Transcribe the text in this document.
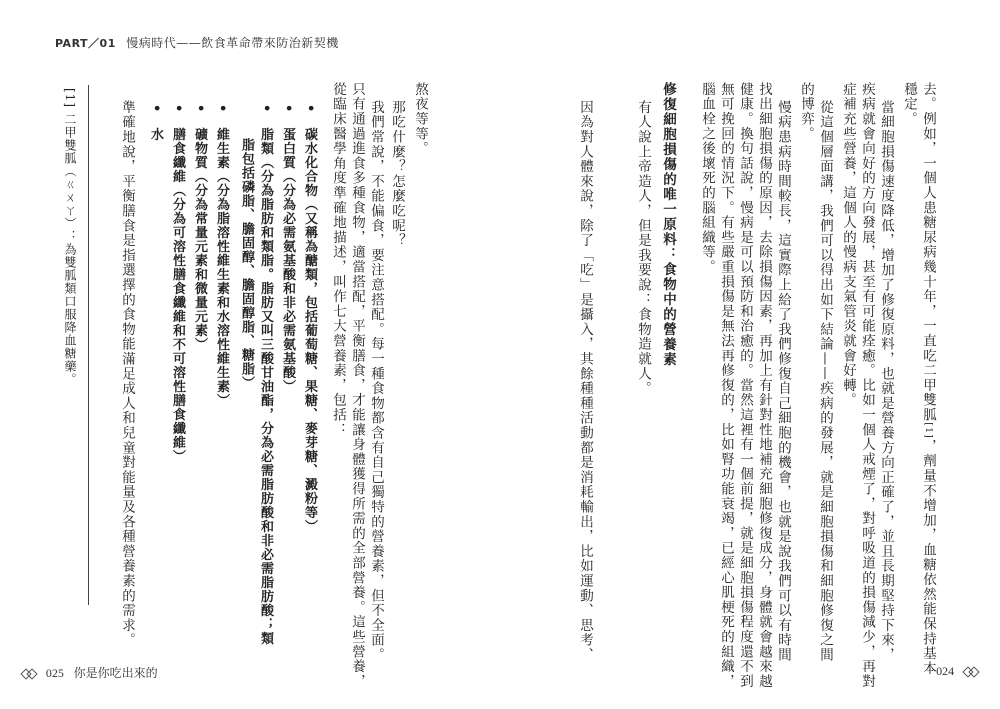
PART／01 慢病時代——飲食革命帶來防治新契機
去。例如，一個人患糖尿病幾十年，一直吃二甲雙胍[1]，劑量不增加，血糖依然能保持基本
穩定。
當細胞損傷速度降低，增加了修復原料，也就是營養方向正確了，並且長期堅持下來，
疾病就會向好的方向發展，甚至有可能痊癒。比如一個人戒煙了，對呼吸道的損傷減少，再對
症補充些營養，這個人的慢病支氣管炎就會好轉。
從這個層面講，我們可以得出如下結論——疾病的發展，就是細胞損傷和細胞修復之間
的博弈。
慢病患病時間較長，這實際上給了我們修復自己細胞的機會，也就是說我們可以有時間
找出細胞損傷的原因，去除損傷因素，再加上有針對性地補充細胞修復成分，身體就會越來越
健康。換句話說，慢病是可以預防和治癒的。當然這裡有一個前提，就是細胞損傷程度還不到
無可挽回的情況下。有些嚴重損傷是無法再修復的，比如腎功能衰竭，已經心肌梗死的組織，
腦血栓之後壞死的腦組織等。
修復細胞損傷的唯一原料：食物中的營養素
有人說上帝造人，但是我要說：食物造就人。
因為對人體來說，除了「吃」是攝入，其餘種種活動都是消耗輸出，比如運動、思考、
熬夜等等。
那吃什麼？怎麼吃呢？
我們常說，不能偏食，要注意搭配。每一種食物都含有自己獨特的營養素，但不全面。
只有通過進食多種食物，適當搭配，平衡膳食，才能讓身體獲得所需的全部營養。這些營養，
從臨床醫學角度準確地描述，叫作七大營養素，包括：
•　碳水化合物（又稱為醣類，包括葡萄糖、果糖、麥芽糖、澱粉等）
•　蛋白質（分為必需氨基酸和非必需氨基酸）
•　脂類（分為脂肪和類脂。脂肪又叫三酸甘油酯，分為必需脂肪酸和非必需脂肪酸；類
脂包括磷脂、膽固醇、膽固醇脂、糖脂）
•　維生素（分為脂溶性維生素和水溶性維生素）
•　礦物質（分為常量元素和微量元素）
•　膳食纖維（分為可溶性膳食纖維和不可溶性膳食纖維）
•　水
準確地說，平衡膳食是指選擇的食物能滿足成人和兒童對能量及各種營養素的需求。
[1] 二甲雙胍（ㄍㄨㄚ）：為雙胍類口服降血糖藥。
025 你是你吃出來的	024
